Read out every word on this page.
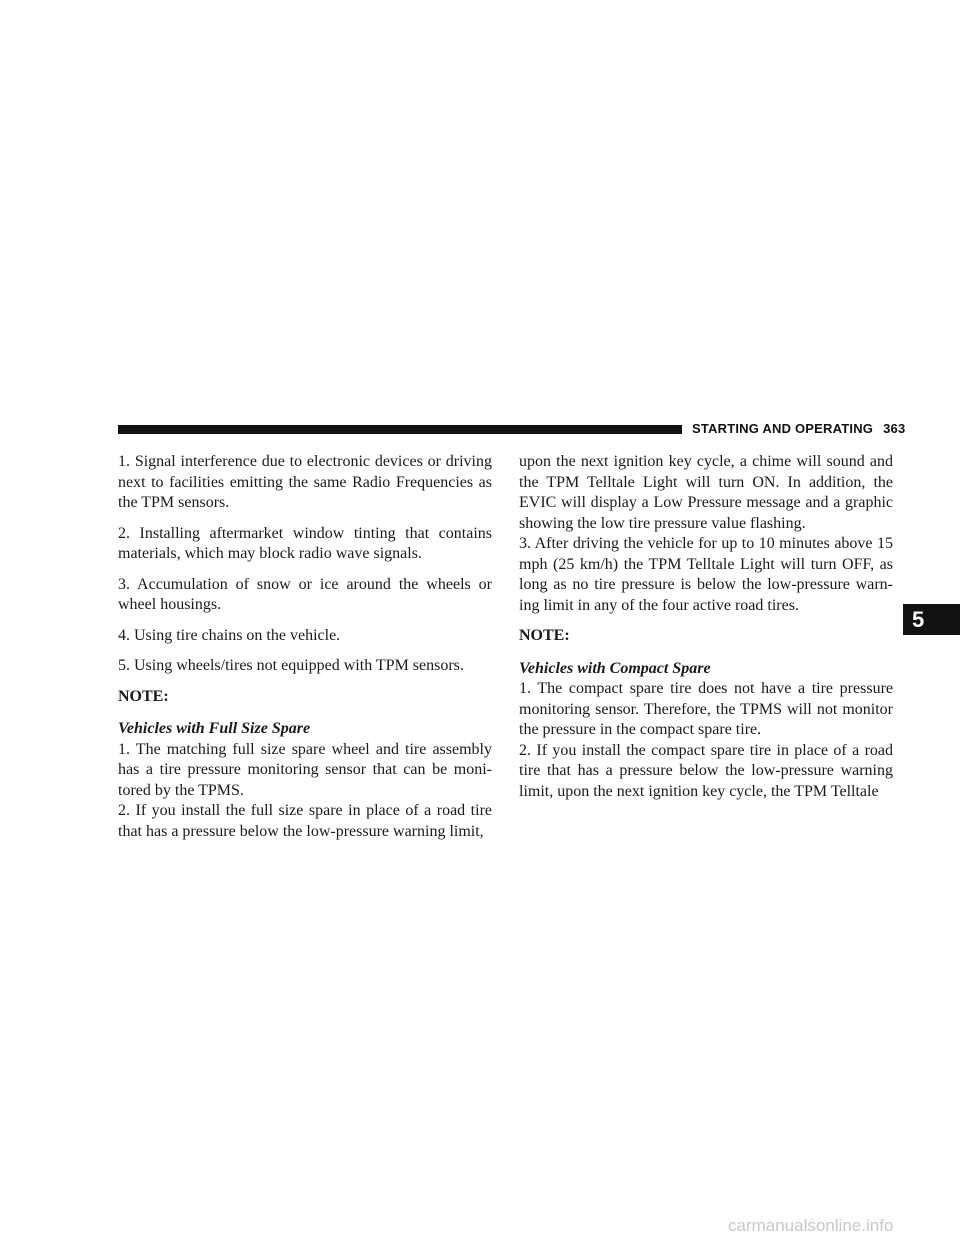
STARTING AND OPERATING 363
5

1. Signal interference due to electronic devices or driving next to facilities emitting the same Radio Frequencies as the TPM sensors.

2. Installing aftermarket window tinting that contains materials, which may block radio wave signals.

3. Accumulation of snow or ice around the wheels or wheel housings.

4. Using tire chains on the vehicle.

5. Using wheels/tires not equipped with TPM sensors.

NOTE:

Vehicles with Full Size Spare

1. The matching full size spare wheel and tire assembly has a tire pressure monitoring sensor that can be moni-tored by the TPMS.

2. If you install the full size spare in place of a road tire that has a pressure below the low-pressure warning limit,

upon the next ignition key cycle, a chime will sound and the TPM Telltale Light will turn ON. In addition, the EVIC will display a Low Pressure message and a graphic showing the low tire pressure value flashing.

3. After driving the vehicle for up to 10 minutes above 15 mph (25 km/h) the TPM Telltale Light will turn OFF, as long as no tire pressure is below the low-pressure warn-ing limit in any of the four active road tires.

NOTE:

Vehicles with Compact Spare

1. The compact spare tire does not have a tire pressure monitoring sensor. Therefore, the TPMS will not monitor the pressure in the compact spare tire.

2. If you install the compact spare tire in place of a road tire that has a pressure below the low-pressure warning limit, upon the next ignition key cycle, the TPM Telltale

carmanualsonline.info
